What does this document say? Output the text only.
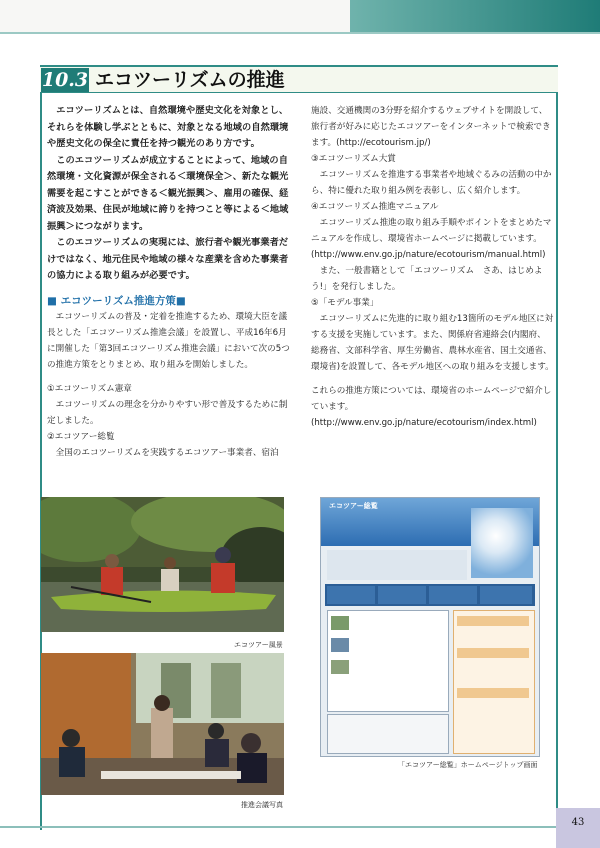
10.3 エコツーリズムの推進

エコツーリズムとは、自然環境や歴史文化を対象とし、それらを体験し学ぶとともに、対象となる地域の自然環境や歴史文化の保全に責任を持つ観光のあり方です。

このエコツーリズムが成立することによって、地域の自然環境・文化資源が保全される＜環境保全＞、新たな観光需要を起こすことができる＜観光振興＞、雇用の確保、経済波及効果、住民が地域に誇りを持つこと等による＜地域振興＞につながります。

このエコツーリズムの実現には、旅行者や観光事業者だけではなく、地元住民や地域の様々な産業を含めた事業者の協力による取り組みが必要です。

■ エコツーリズム推進方策■

エコツーリズムの普及・定着を推進するため、環境大臣を議長とした「エコツーリズム推進会議」を設置し、平成16年6月に開催した「第3回エコツーリズム推進会議」において次の5つの推進方策をとりまとめ、取り組みを開始しました。

①エコツーリズム憲章

エコツーリズムの理念を分かりやすい形で普及するために制定しました。

②エコツアー総覧

全国のエコツーリズムを実践するエコツアー事業者、宿泊

施設、交通機関の3分野を紹介するウェブサイトを開設して、旅行者が好みに応じたエコツアーをインターネットで検索できます。(http://ecotourism.jp/)

③エコツーリズム大賞

エコツーリズムを推進する事業者や地域ぐるみの活動の中から、特に優れた取り組み例を表彰し、広く紹介します。

④エコツーリズム推進マニュアル

エコツーリズム推進の取り組み手順やポイントをまとめたマニュアルを作成し、環境省ホームページに掲載しています。

(http://www.env.go.jp/nature/ecotourism/manual.html)

また、一般書籍として「エコツーリズム　さあ、はじめよう!」を発行しました。

⑤「モデル事業」

エコツーリズムに先進的に取り組む13箇所のモデル地区に対する支援を実施しています。また、関係府省連絡会(内閣府、総務省、文部科学省、厚生労働省、農林水産省、国土交通省、環境省)を設置して、各モデル地区への取り組みを支援します。

これらの推進方策については、環境省のホームページで紹介しています。

(http://www.env.go.jp/nature/ecotourism/index.html)

エコツアー風景
推進会議写真
エコツアー総覧
「エコツアー総覧」ホームページトップ画面
43
